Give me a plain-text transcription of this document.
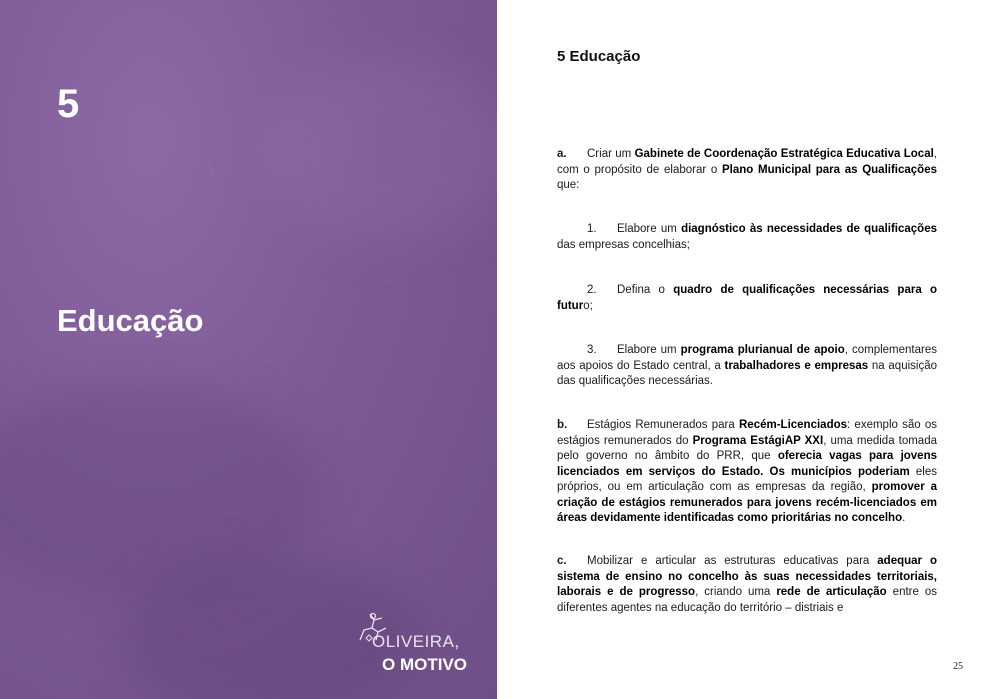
5
Educação
OLIVEIRA,
O MOTIVO
5 Educação

a. Criar um Gabinete de Coordenação Estratégica Educativa Local, com o propósito de elaborar o Plano Municipal para as Qualificações que:

1. Elabore um diagnóstico às necessidades de qualificações das empresas concelhias;

2. Defina o quadro de qualificações necessárias para o futuro;

3. Elabore um programa plurianual de apoio, complementares aos apoios do Estado central, a trabalhadores e empresas na aquisição das qualificações necessárias.

b. Estágios Remunerados para Recém-Licenciados: exemplo são os estágios remunerados do Programa EstágiAP XXI, uma medida tomada pelo governo no âmbito do PRR, que oferecia vagas para jovens licenciados em serviços do Estado. Os municípios poderiam eles próprios, ou em articulação com as empresas da região, promover a criação de estágios remunerados para jovens recém-licenciados em áreas devidamente identificadas como prioritárias no concelho.

c. Mobilizar e articular as estruturas educativas para adequar o sistema de ensino no concelho às suas necessidades territoriais, laborais e de progresso, criando uma rede de articulação entre os diferentes agentes na educação do território – distriais e

25
